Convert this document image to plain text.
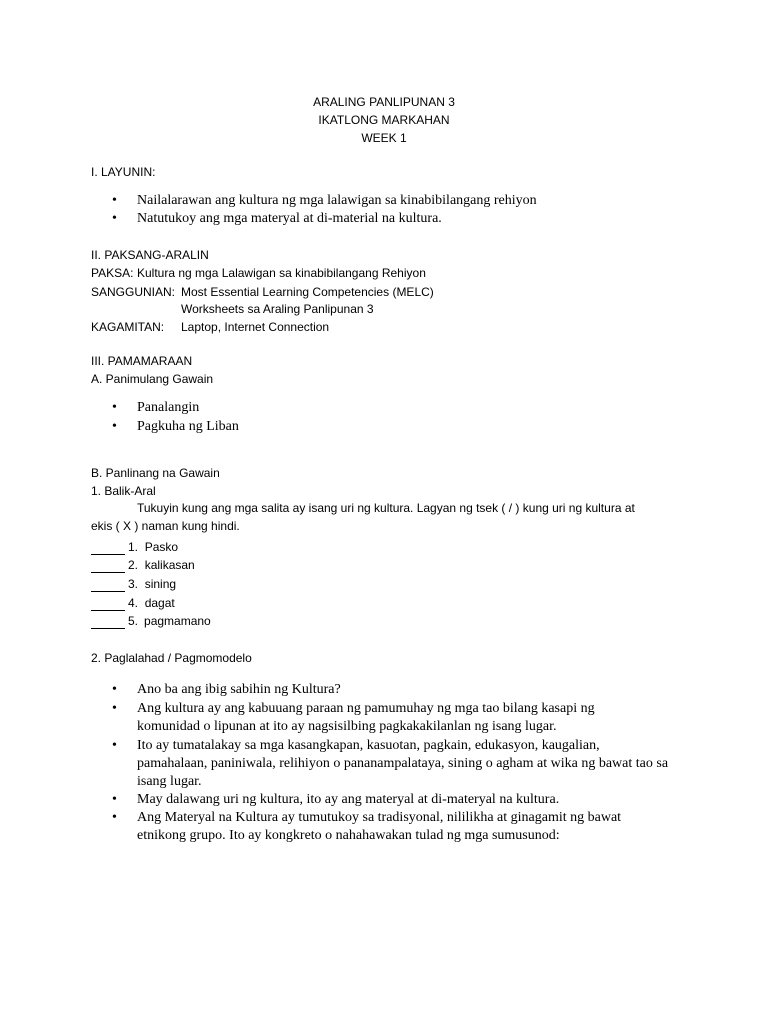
ARALING PANLIPUNAN 3
IKATLONG MARKAHAN
WEEK 1
I. LAYUNIN:
• Nailalarawan ang kultura ng mga lalawigan sa kinabibilangang rehiyon
• Natutukoy ang mga materyal at di-material na kultura.
II. PAKSANG-ARALIN
PAKSA: Kultura ng mga Lalawigan sa kinabibilangang Rehiyon
SANGGUNIAN: Most Essential Learning Competencies (MELC)
Worksheets sa Araling Panlipunan 3
KAGAMITAN: Laptop, Internet Connection
III. PAMAMARAAN
A. Panimulang Gawain
• Panalangin
• Pagkuha ng Liban
B. Panlinang na Gawain
1. Balik-Aral
Tukuyin kung ang mga salita ay isang uri ng kultura. Lagyan ng tsek ( / ) kung uri ng kultura at
ekis ( X ) naman kung hindi.
1. Pasko
2. kalikasan
3. sining
4. dagat
5. pagmamano
2. Paglalahad / Pagmomodelo
• Ano ba ang ibig sabihin ng Kultura?
• Ang kultura ay ang kabuuang paraan ng pamumuhay ng mga tao bilang kasapi ng komunidad o lipunan at ito ay nagsisilbing pagkakakilanlan ng isang lugar.
• Ito ay tumatalakay sa mga kasangkapan, kasuotan, pagkain, edukasyon, kaugalian, pamahalaan, paniniwala, relihiyon o pananampalataya, sining o agham at wika ng bawat tao sa isang lugar.
• May dalawang uri ng kultura, ito ay ang materyal at di-materyal na kultura.
• Ang Materyal na Kultura ay tumutukoy sa tradisyonal, nililikha at ginagamit ng bawat etnikong grupo. Ito ay kongkreto o nahahawakan tulad ng mga sumusunod:
